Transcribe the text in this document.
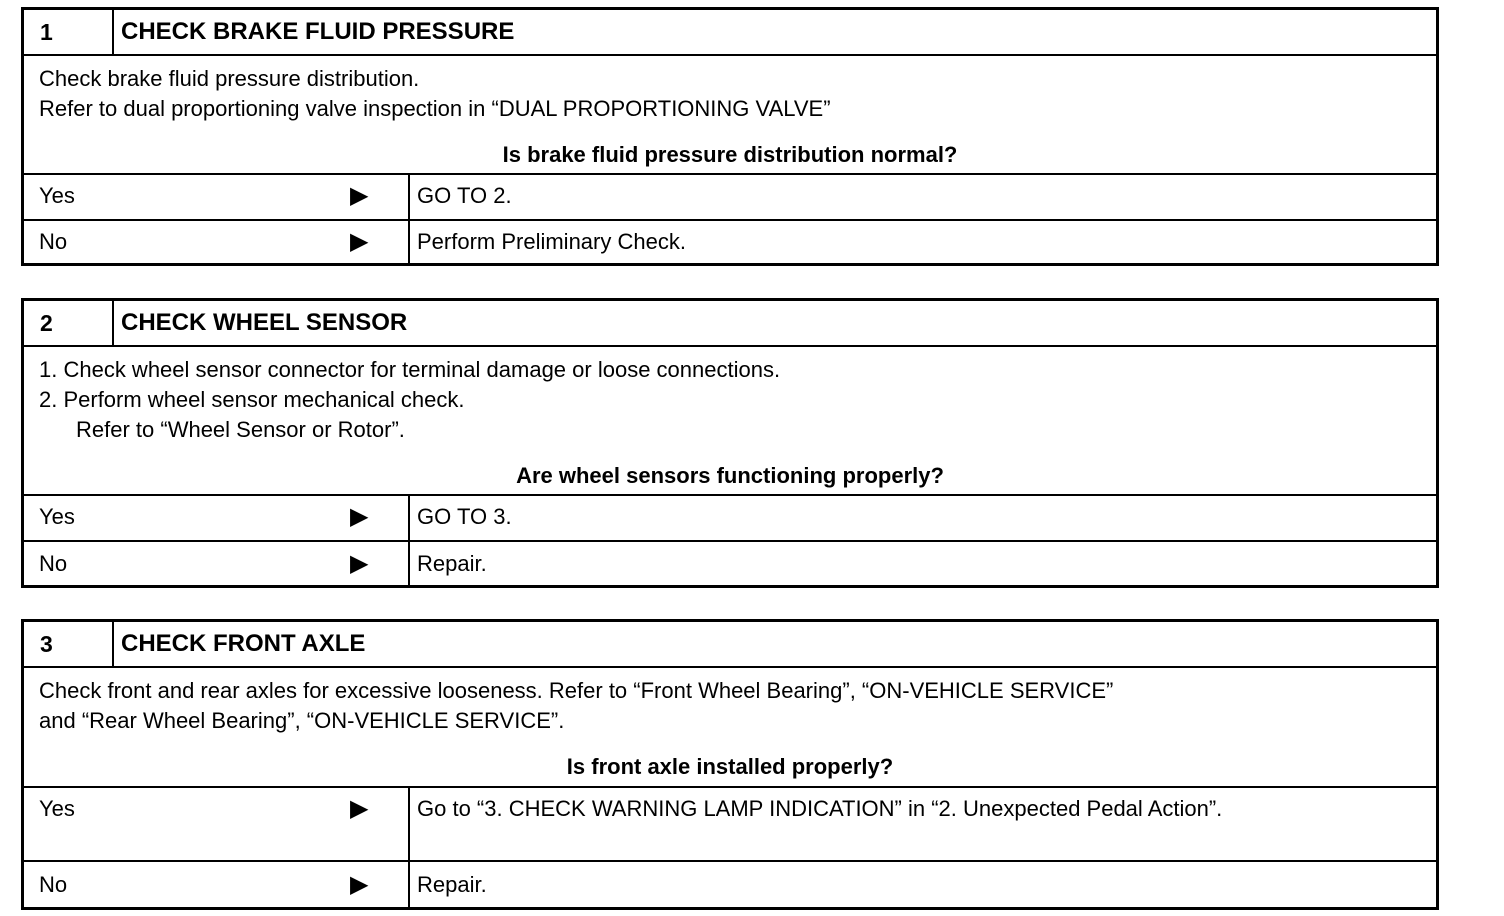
1	CHECK BRAKE FLUID PRESSURE
Check brake fluid pressure distribution.
Refer to dual proportioning valve inspection in “DUAL PROPORTIONING VALVE”
Is brake fluid pressure distribution normal?
Yes	▶	GO TO 2.
No	▶	Perform Preliminary Check.
2	CHECK WHEEL SENSOR
1. Check wheel sensor connector for terminal damage or loose connections.
2. Perform wheel sensor mechanical check.
Refer to “Wheel Sensor or Rotor”.
Are wheel sensors functioning properly?
Yes	▶	GO TO 3.
No	▶	Repair.
3	CHECK FRONT AXLE
Check front and rear axles for excessive looseness. Refer to “Front Wheel Bearing”, “ON-VEHICLE SERVICE”
and “Rear Wheel Bearing”, “ON-VEHICLE SERVICE”.
Is front axle installed properly?
Yes	▶	Go to “3. CHECK WARNING LAMP INDICATION” in “2. Unexpected Pedal Action”.
No	▶	Repair.
